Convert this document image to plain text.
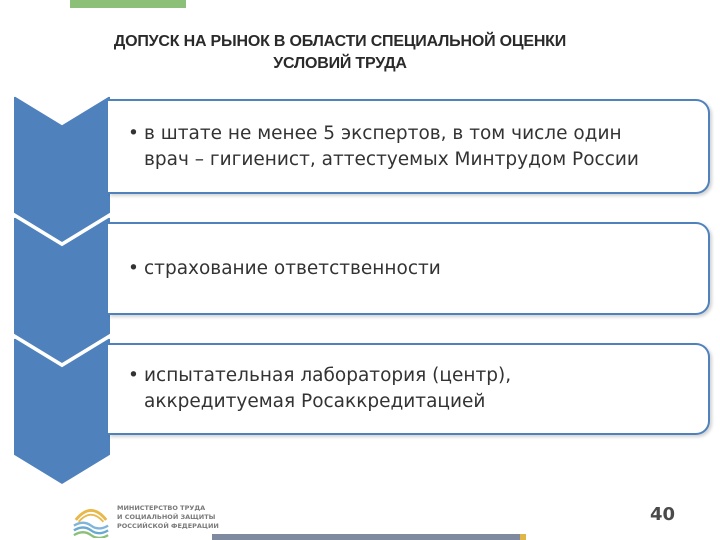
ДОПУСК НА РЫНОК В ОБЛАСТИ СПЕЦИАЛЬНОЙ ОЦЕНКИ
УСЛОВИЙ ТРУДА
• в штате не менее 5 экспертов, в том числе один
врач – гигиенист, аттестуемых Минтрудом России
• страхование ответственности
• испытательная лаборатория (центр),
аккредитуемая Росаккредитацией
МИНИСТЕРСТВО ТРУДА
И СОЦИАЛЬНОЙ ЗАЩИТЫ
РОССИЙСКОЙ ФЕДЕРАЦИИ
40
